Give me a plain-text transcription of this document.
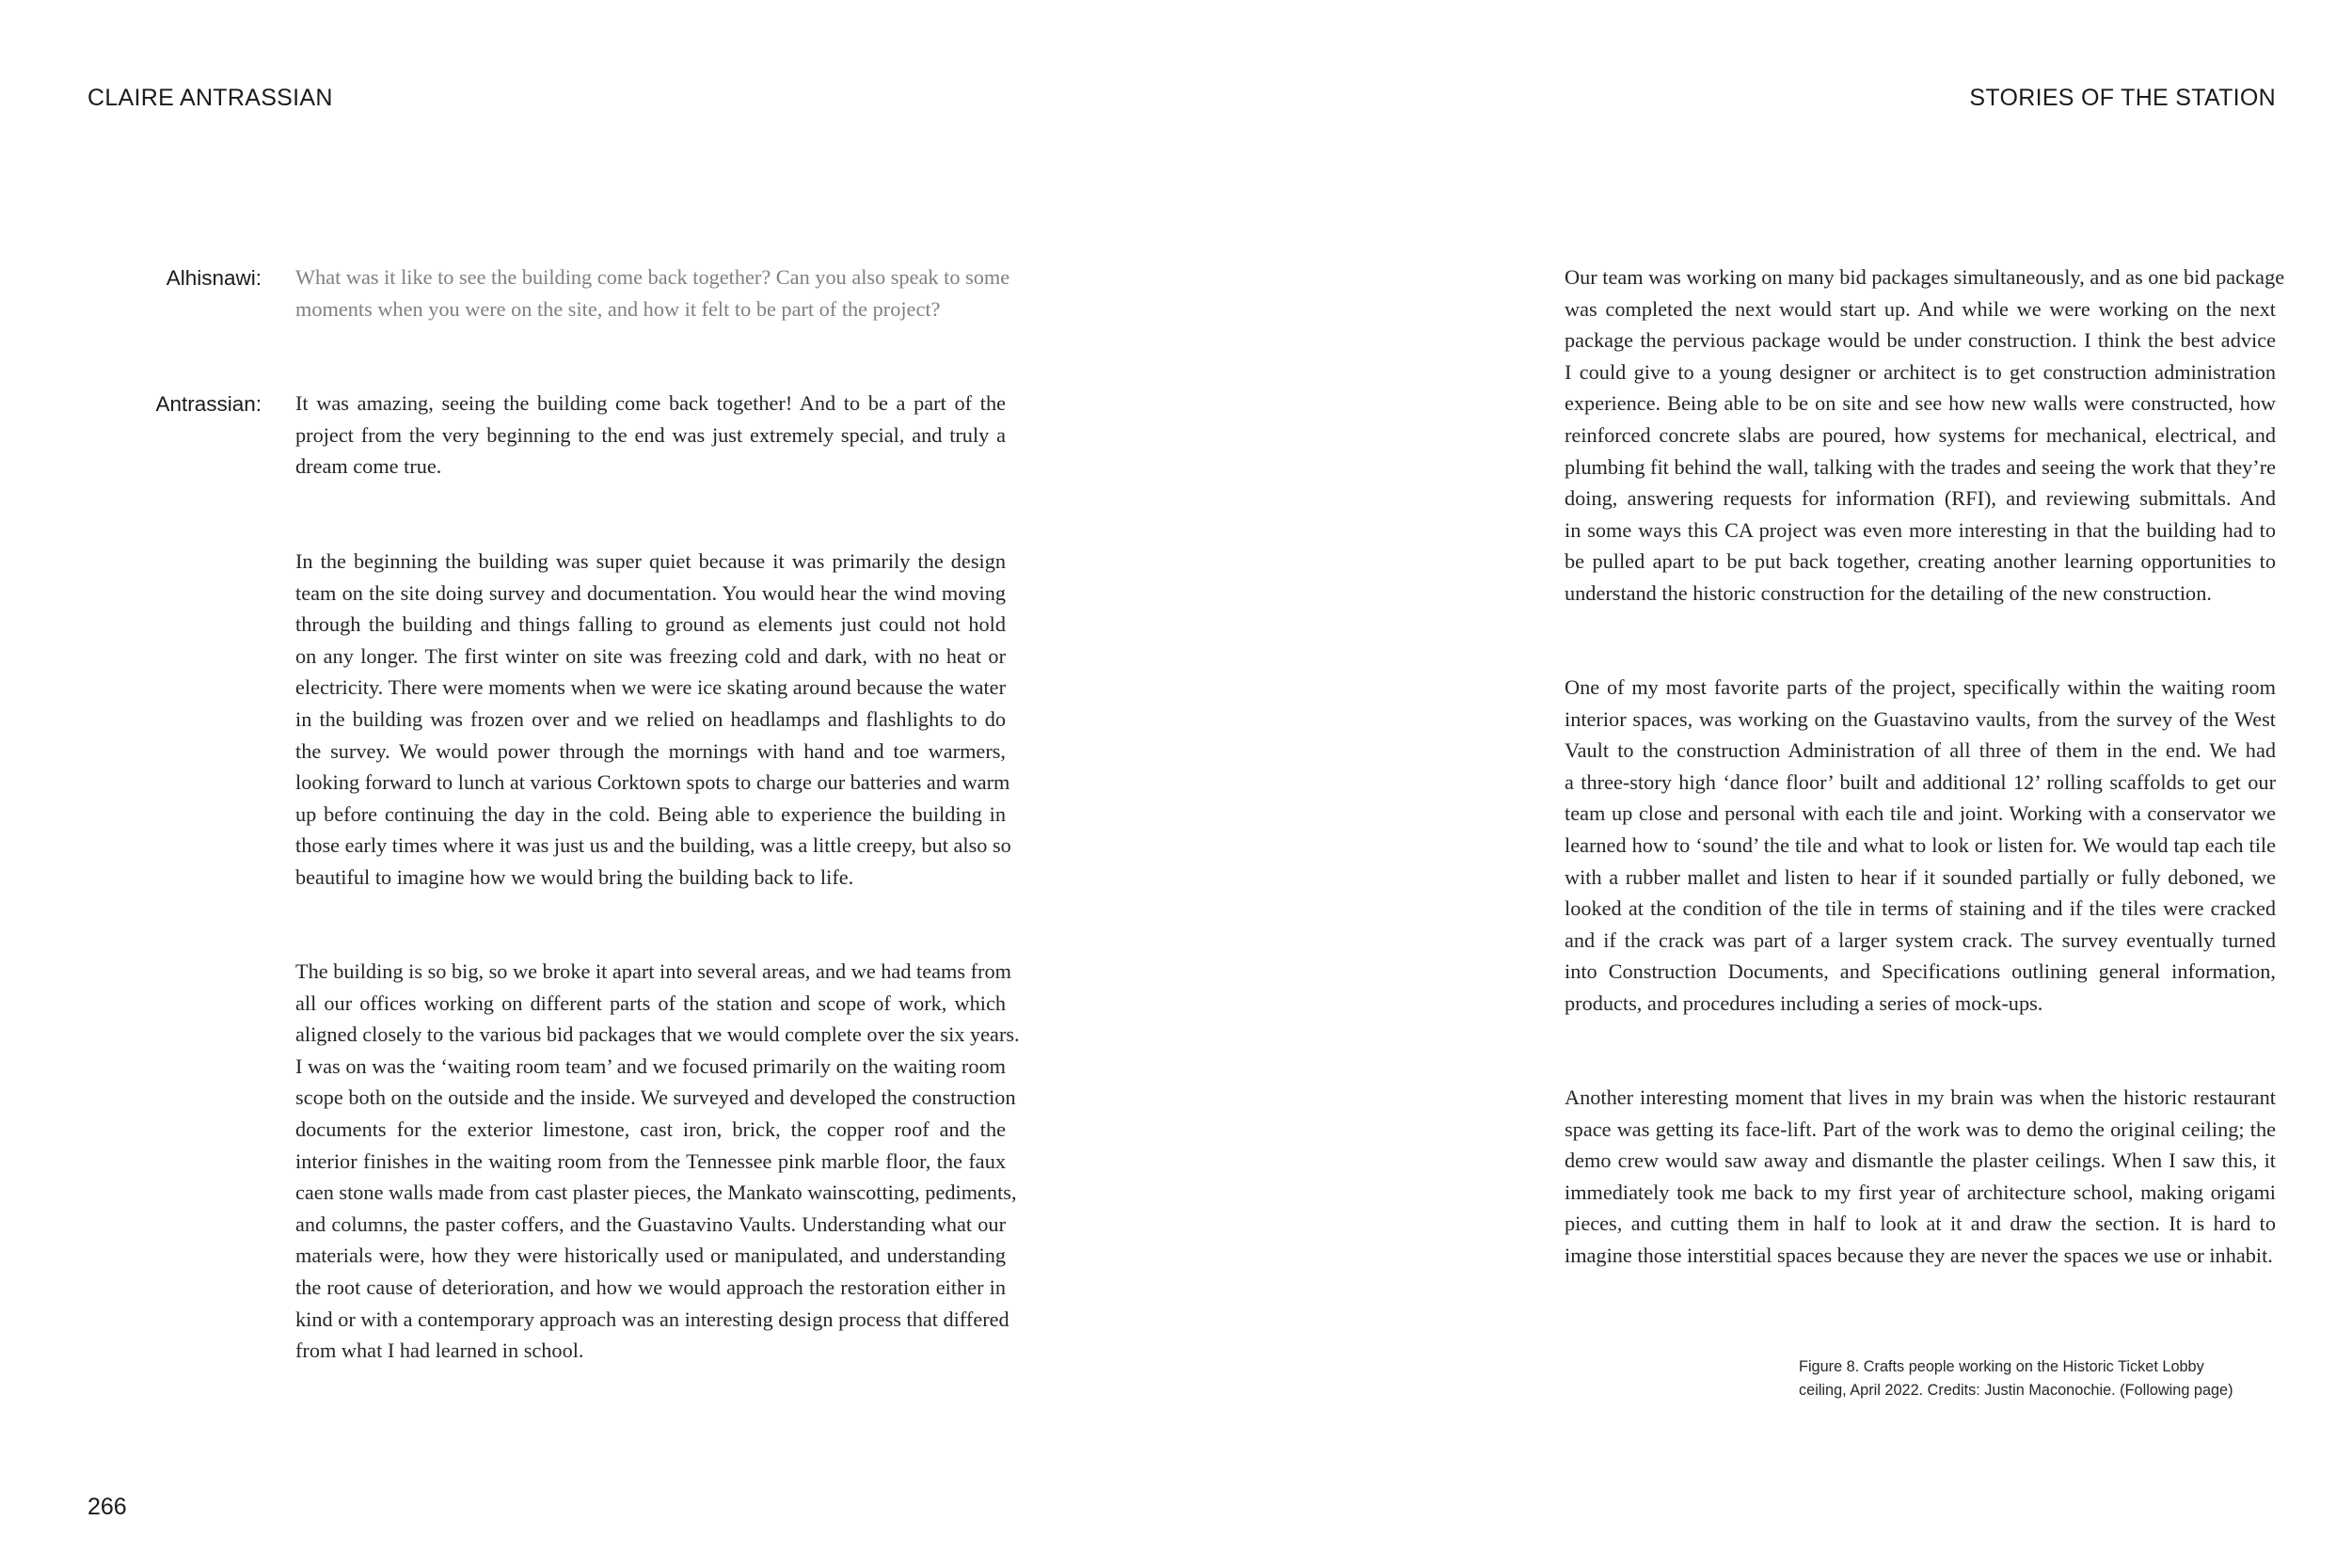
CLAIRE ANTRASSIAN	STORIES OF THE STATION
Alhisnawi:
Antrassian:
What was it like to see the building come back together? Can you also speak to some
moments when you were on the site, and how it felt to be part of the project?
It was amazing, seeing the building come back together! And to be a part of the
project from the very beginning to the end was just extremely special, and truly a
dream come true.
In the beginning the building was super quiet because it was primarily the design
team on the site doing survey and documentation. You would hear the wind moving
through the building and things falling to ground as elements just could not hold
on any longer. The first winter on site was freezing cold and dark, with no heat or
electricity. There were moments when we were ice skating around because the water
in the building was frozen over and we relied on headlamps and flashlights to do
the survey. We would power through the mornings with hand and toe warmers,
looking forward to lunch at various Corktown spots to charge our batteries and warm
up before continuing the day in the cold. Being able to experience the building in
those early times where it was just us and the building, was a little creepy, but also so
beautiful to imagine how we would bring the building back to life.
The building is so big, so we broke it apart into several areas, and we had teams from
all our offices working on different parts of the station and scope of work, which
aligned closely to the various bid packages that we would complete over the six years.
I was on was the ‘waiting room team’ and we focused primarily on the waiting room
scope both on the outside and the inside. We surveyed and developed the construction
documents for the exterior limestone, cast iron, brick, the copper roof and the
interior finishes in the waiting room from the Tennessee pink marble floor, the faux
caen stone walls made from cast plaster pieces, the Mankato wainscotting, pediments,
and columns, the paster coffers, and the Guastavino Vaults. Understanding what our
materials were, how they were historically used or manipulated, and understanding
the root cause of deterioration, and how we would approach the restoration either in
kind or with a contemporary approach was an interesting design process that differed
from what I had learned in school.
Our team was working on many bid packages simultaneously, and as one bid package
was completed the next would start up. And while we were working on the next
package the pervious package would be under construction. I think the best advice
I could give to a young designer or architect is to get construction administration
experience. Being able to be on site and see how new walls were constructed, how
reinforced concrete slabs are poured, how systems for mechanical, electrical, and
plumbing fit behind the wall, talking with the trades and seeing the work that they’re
doing, answering requests for information (RFI), and reviewing submittals. And
in some ways this CA project was even more interesting in that the building had to
be pulled apart to be put back together, creating another learning opportunities to
understand the historic construction for the detailing of the new construction.
One of my most favorite parts of the project, specifically within the waiting room
interior spaces, was working on the Guastavino vaults, from the survey of the West
Vault to the construction Administration of all three of them in the end. We had
a three-story high ‘dance floor’ built and additional 12’ rolling scaffolds to get our
team up close and personal with each tile and joint. Working with a conservator we
learned how to ‘sound’ the tile and what to look or listen for. We would tap each tile
with a rubber mallet and listen to hear if it sounded partially or fully deboned, we
looked at the condition of the tile in terms of staining and if the tiles were cracked
and if the crack was part of a larger system crack. The survey eventually turned
into Construction Documents, and Specifications outlining general information,
products, and procedures including a series of mock-ups.
Another interesting moment that lives in my brain was when the historic restaurant
space was getting its face-lift. Part of the work was to demo the original ceiling; the
demo crew would saw away and dismantle the plaster ceilings. When I saw this, it
immediately took me back to my first year of architecture school, making origami
pieces, and cutting them in half to look at it and draw the section. It is hard to
imagine those interstitial spaces because they are never the spaces we use or inhabit.
Figure 8. Crafts people working on the Historic Ticket Lobby
ceiling, April 2022. Credits: Justin Maconochie. (Following page)
266
